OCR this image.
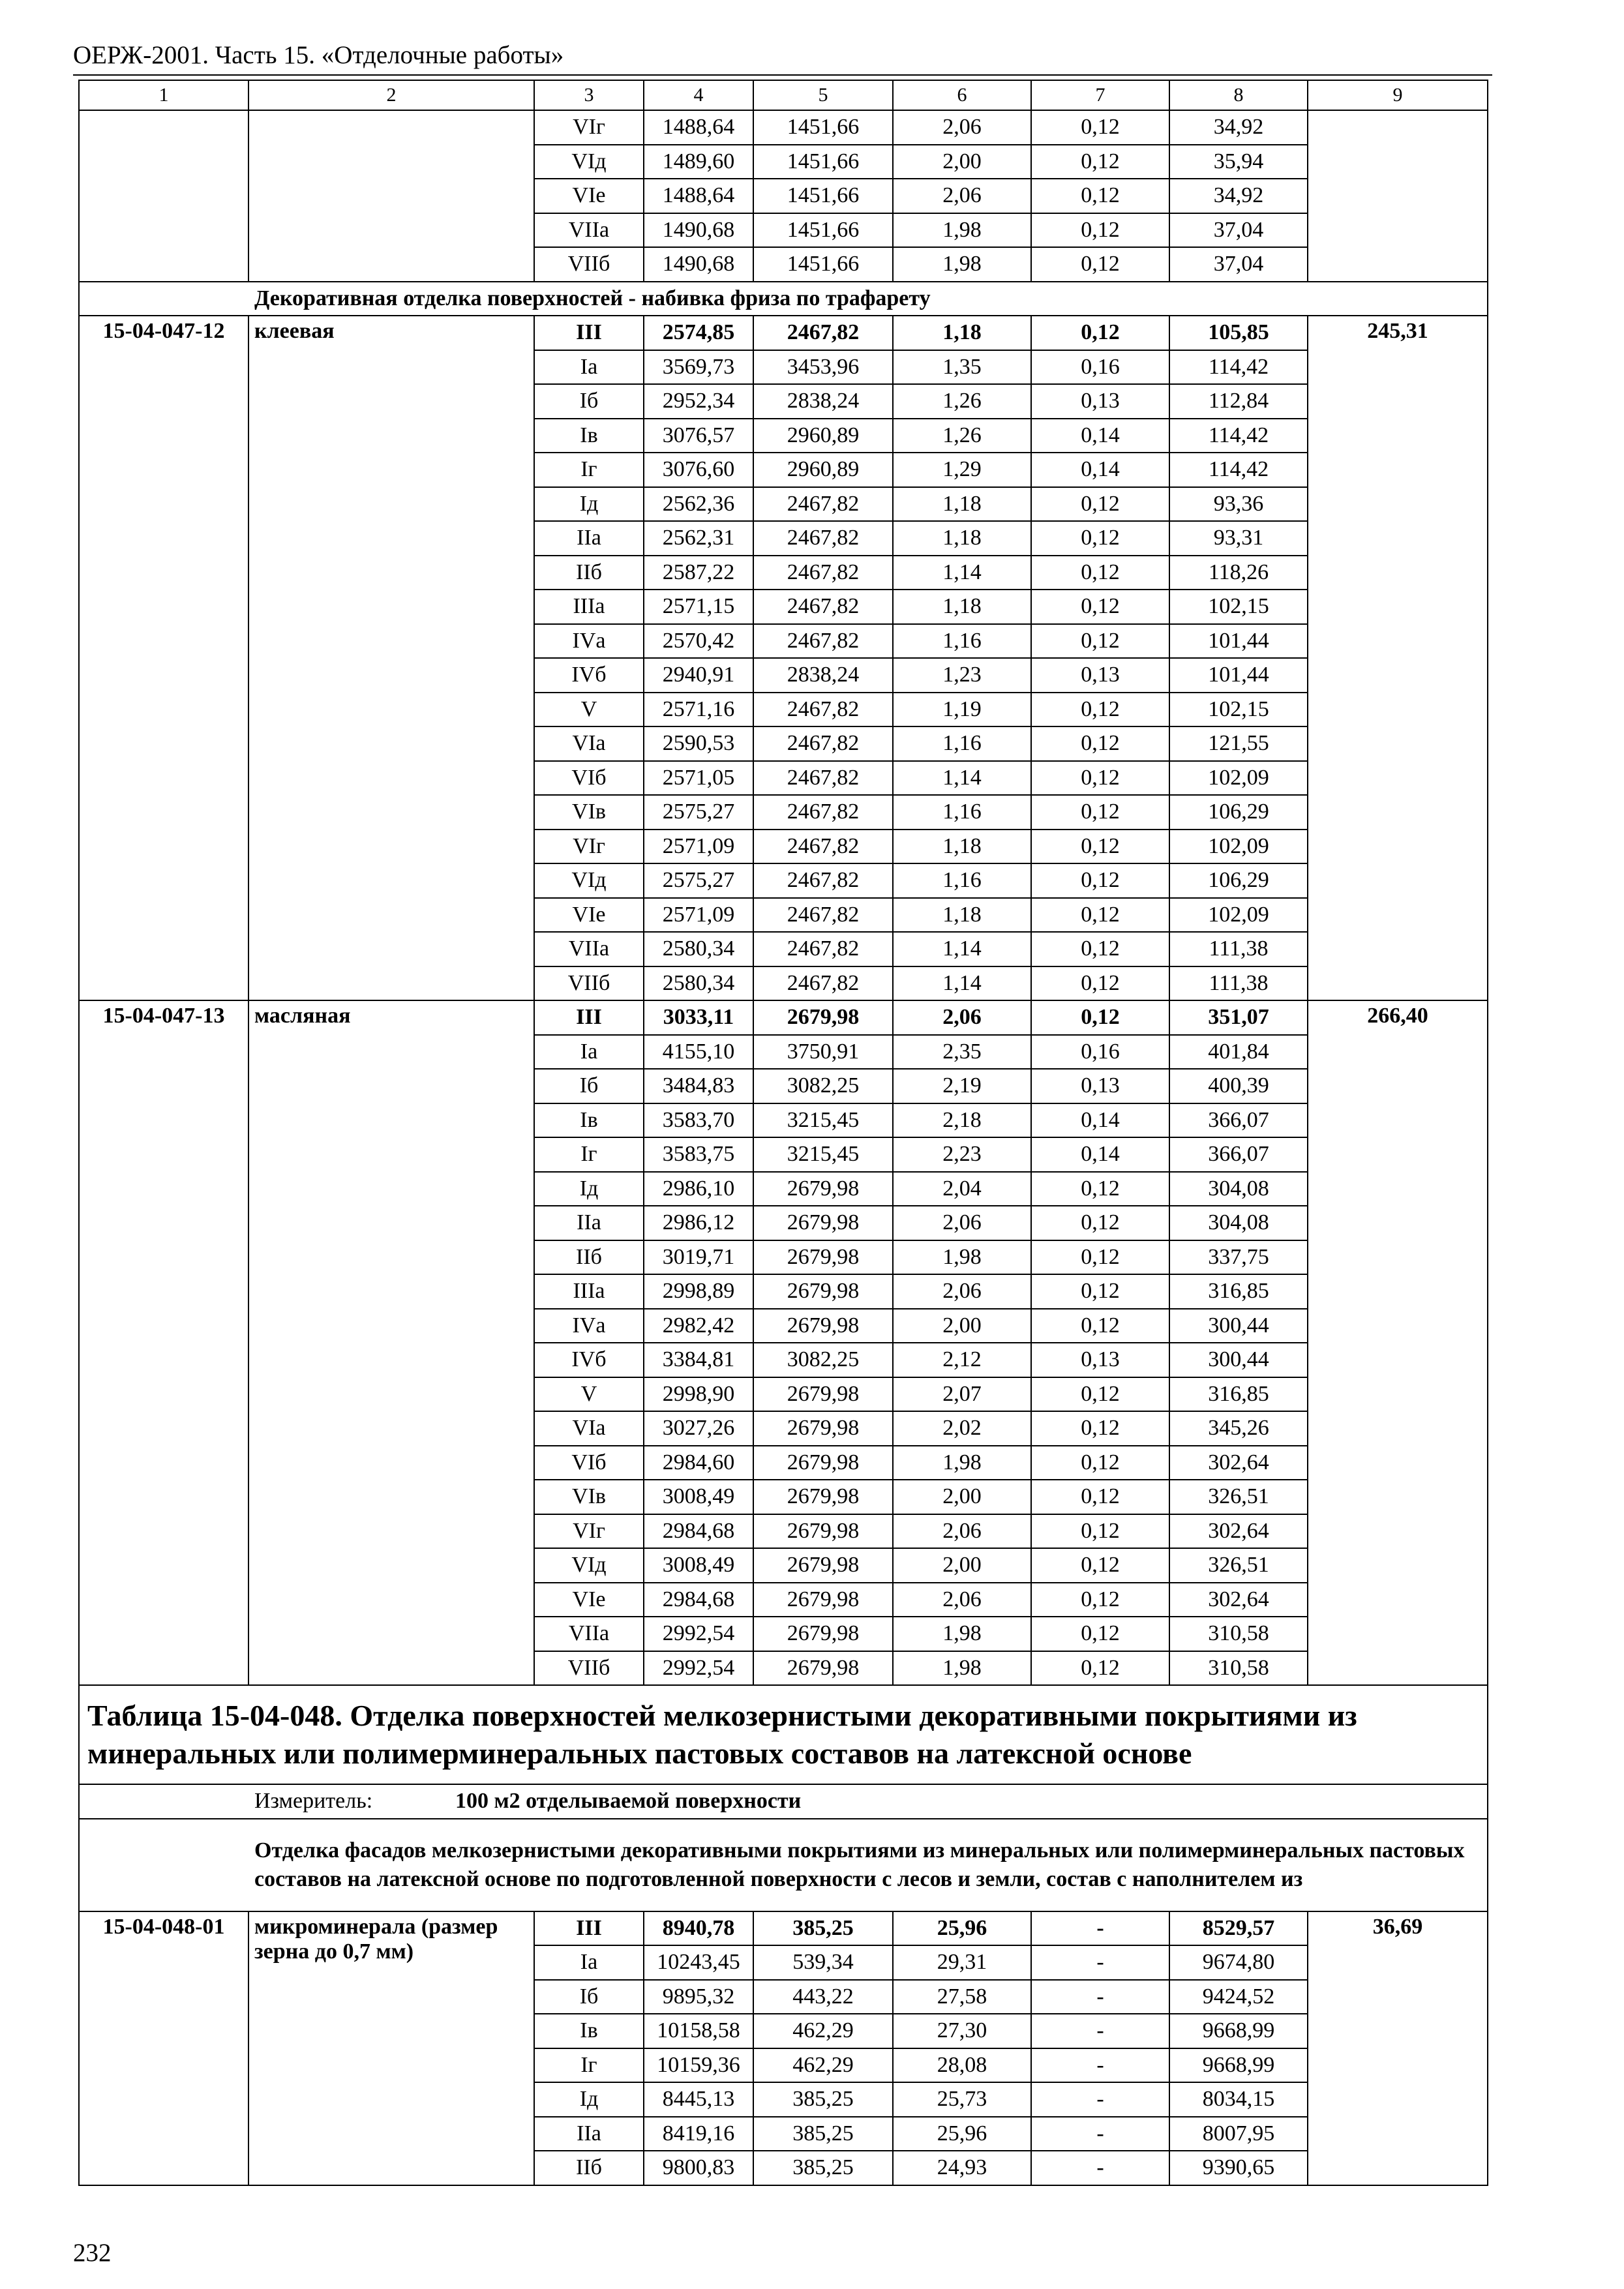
ОЕРЖ-2001. Часть 15. «Отделочные работы»
1	2	3	4	5	6	7	8	9
		VIг	1488,64	1451,66	2,06	0,12	34,92	
		VIд	1489,60	1451,66	2,00	0,12	35,94	
		VIе	1488,64	1451,66	2,06	0,12	34,92	
		VIIа	1490,68	1451,66	1,98	0,12	37,04	
		VIIб	1490,68	1451,66	1,98	0,12	37,04	
Декоративная отделка поверхностей - набивка фриза по трафарету								
15-04-047-12	клеевая	III	2574,85	2467,82	1,18	0,12	105,85	245,31
		Iа	3569,73	3453,96	1,35	0,16	114,42	
		Iб	2952,34	2838,24	1,26	0,13	112,84	
		Iв	3076,57	2960,89	1,26	0,14	114,42	
		Iг	3076,60	2960,89	1,29	0,14	114,42	
		Iд	2562,36	2467,82	1,18	0,12	93,36	
		IIа	2562,31	2467,82	1,18	0,12	93,31	
		IIб	2587,22	2467,82	1,14	0,12	118,26	
		IIIа	2571,15	2467,82	1,18	0,12	102,15	
		IVа	2570,42	2467,82	1,16	0,12	101,44	
		IVб	2940,91	2838,24	1,23	0,13	101,44	
		V	2571,16	2467,82	1,19	0,12	102,15	
		VIа	2590,53	2467,82	1,16	0,12	121,55	
		VIб	2571,05	2467,82	1,14	0,12	102,09	
		VIв	2575,27	2467,82	1,16	0,12	106,29	
		VIг	2571,09	2467,82	1,18	0,12	102,09	
		VIд	2575,27	2467,82	1,16	0,12	106,29	
		VIе	2571,09	2467,82	1,18	0,12	102,09	
		VIIа	2580,34	2467,82	1,14	0,12	111,38	
		VIIб	2580,34	2467,82	1,14	0,12	111,38	
15-04-047-13	масляная	III	3033,11	2679,98	2,06	0,12	351,07	266,40
		Iа	4155,10	3750,91	2,35	0,16	401,84	
		Iб	3484,83	3082,25	2,19	0,13	400,39	
		Iв	3583,70	3215,45	2,18	0,14	366,07	
		Iг	3583,75	3215,45	2,23	0,14	366,07	
		Iд	2986,10	2679,98	2,04	0,12	304,08	
		IIа	2986,12	2679,98	2,06	0,12	304,08	
		IIб	3019,71	2679,98	1,98	0,12	337,75	
		IIIа	2998,89	2679,98	2,06	0,12	316,85	
		IVа	2982,42	2679,98	2,00	0,12	300,44	
		IVб	3384,81	3082,25	2,12	0,13	300,44	
		V	2998,90	2679,98	2,07	0,12	316,85	
		VIа	3027,26	2679,98	2,02	0,12	345,26	
		VIб	2984,60	2679,98	1,98	0,12	302,64	
		VIв	3008,49	2679,98	2,00	0,12	326,51	
		VIг	2984,68	2679,98	2,06	0,12	302,64	
		VIд	3008,49	2679,98	2,00	0,12	326,51	
		VIе	2984,68	2679,98	2,06	0,12	302,64	
		VIIа	2992,54	2679,98	1,98	0,12	310,58	
		VIIб	2992,54	2679,98	1,98	0,12	310,58	
Таблица 15-04-048. Отделка поверхностей мелкозернистыми декоративными покрытиями из минеральных или полимерминеральных пастовых составов на латексной основе								
Измеритель: 100 м2 отделываемой поверхности								
Отделка фасадов мелкозернистыми декоративными покрытиями из минеральных или полимерминеральных пастовых составов на латексной основе по подготовленной поверхности с лесов и земли, состав с наполнителем из								
15-04-048-01	микроминерала (размер зерна до 0,7 мм)	III	8940,78	385,25	25,96	-	8529,57	36,69
		Iа	10243,45	539,34	29,31	-	9674,80	
		Iб	9895,32	443,22	27,58	-	9424,52	
		Iв	10158,58	462,29	27,30	-	9668,99	
		Iг	10159,36	462,29	28,08	-	9668,99	
		Iд	8445,13	385,25	25,73	-	8034,15	
		IIа	8419,16	385,25	25,96	-	8007,95	
		IIб	9800,83	385,25	24,93	-	9390,65	
232
